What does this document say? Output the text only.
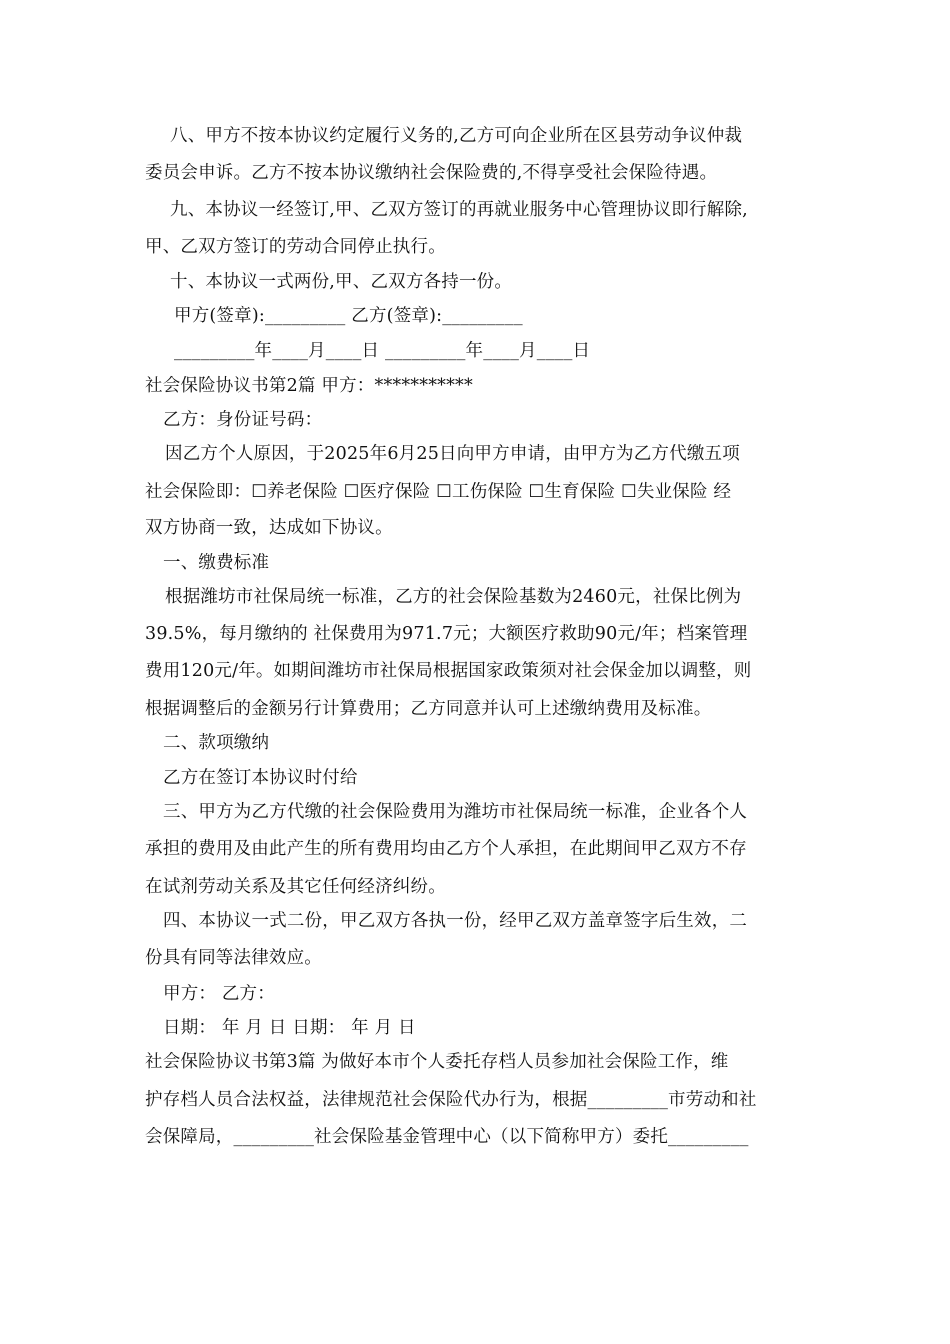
八、甲方不按本协议约定履行义务的,乙方可向企业所在区县劳动争议仲裁
委员会申诉。乙方不按本协议缴纳社会保险费的,不得享受社会保险待遇。
九、本协议一经签订,甲、乙双方签订的再就业服务中心管理协议即行解除,
甲、乙双方签订的劳动合同停止执行。
十、本协议一式两份,甲、乙双方各持一份。
甲方(签章):_________ 乙方(签章):_________
_________年____月____日 _________年____月____日
社会保险协议书第2篇 甲方：***********
乙方：身份证号码：
因乙方个人原因，于2025年6月25日向甲方申请，由甲方为乙方代缴五项
社会保险即：☐养老保险 ☐医疗保险 ☐工伤保险 ☐生育保险 ☐失业保险 经
双方协商一致，达成如下协议。
一、缴费标准
根据潍坊市社保局统一标准，乙方的社会保险基数为2460元，社保比例为
39.5%，每月缴纳的 社保费用为971.7元；大额医疗救助90元/年；档案管理
费用120元/年。如期间潍坊市社保局根据国家政策须对社会保金加以调整，则
根据调整后的金额另行计算费用；乙方同意并认可上述缴纳费用及标准。
二、款项缴纳
乙方在签订本协议时付给
三、甲方为乙方代缴的社会保险费用为潍坊市社保局统一标准，企业各个人
承担的费用及由此产生的所有费用均由乙方个人承担，在此期间甲乙双方不存
在试剂劳动关系及其它任何经济纠纷。
四、本协议一式二份，甲乙双方各执一份，经甲乙双方盖章签字后生效，二
份具有同等法律效应。
甲方： 乙方：
日期： 年 月 日 日期： 年 月 日
社会保险协议书第3篇 为做好本市个人委托存档人员参加社会保险工作，维
护存档人员合法权益，法律规范社会保险代办行为，根据_________市劳动和社
会保障局，_________社会保险基金管理中心（以下简称甲方）委托_________
